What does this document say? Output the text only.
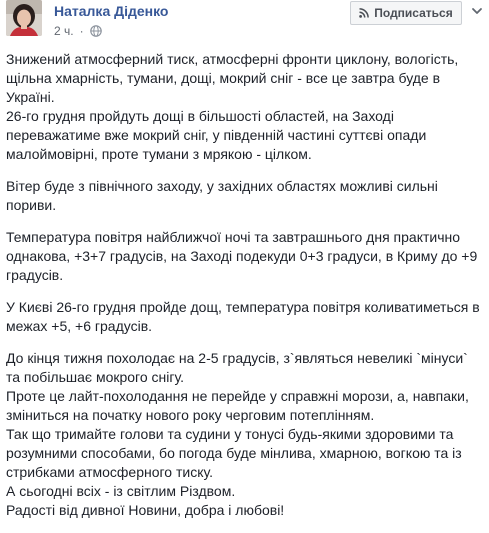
Наталка Діденко
2 ч. ·
Подписаться

Знижений атмосферний тиск, атмосферні фронти циклону, вологість,
щільна хмарність, тумани, дощі, мокрий сніг - все це завтра буде в
Україні.
26-го грудня пройдуть дощі в більшості областей, на Заході
переважатиме вже мокрий сніг, у південній частині суттєві опади
малоймовірні, проте тумани з мрякою - цілком.

Вітер буде з північного заходу, у західних областях можливі сильні
пориви.

Температура повітря найближчої ночі та завтрашнього дня практично
однакова, +3+7 градусів, на Заході подекуди 0+3 градуси, в Криму до +9
градусів.

У Києві 26-го грудня пройде дощ, температура повітря коливатиметься в
межах +5, +6 градусів.

До кінця тижня похолодає на 2-5 градусів, з`являться невеликі `мінуси`
та побільшає мокрого снігу.
Проте це лайт-похолодання не перейде у справжні морози, а, навпаки,
зміниться на початку нового року черговим потеплінням.
Так що тримайте голови та судини у тонусі будь-якими здоровими та
розумними способами, бо погода буде мінлива, хмарною, вогкою та із
стрибками атмосферного тиску.
А сьогодні всіх - із світлим Різдвом.
Радості від дивної Новини, добра і любові!
